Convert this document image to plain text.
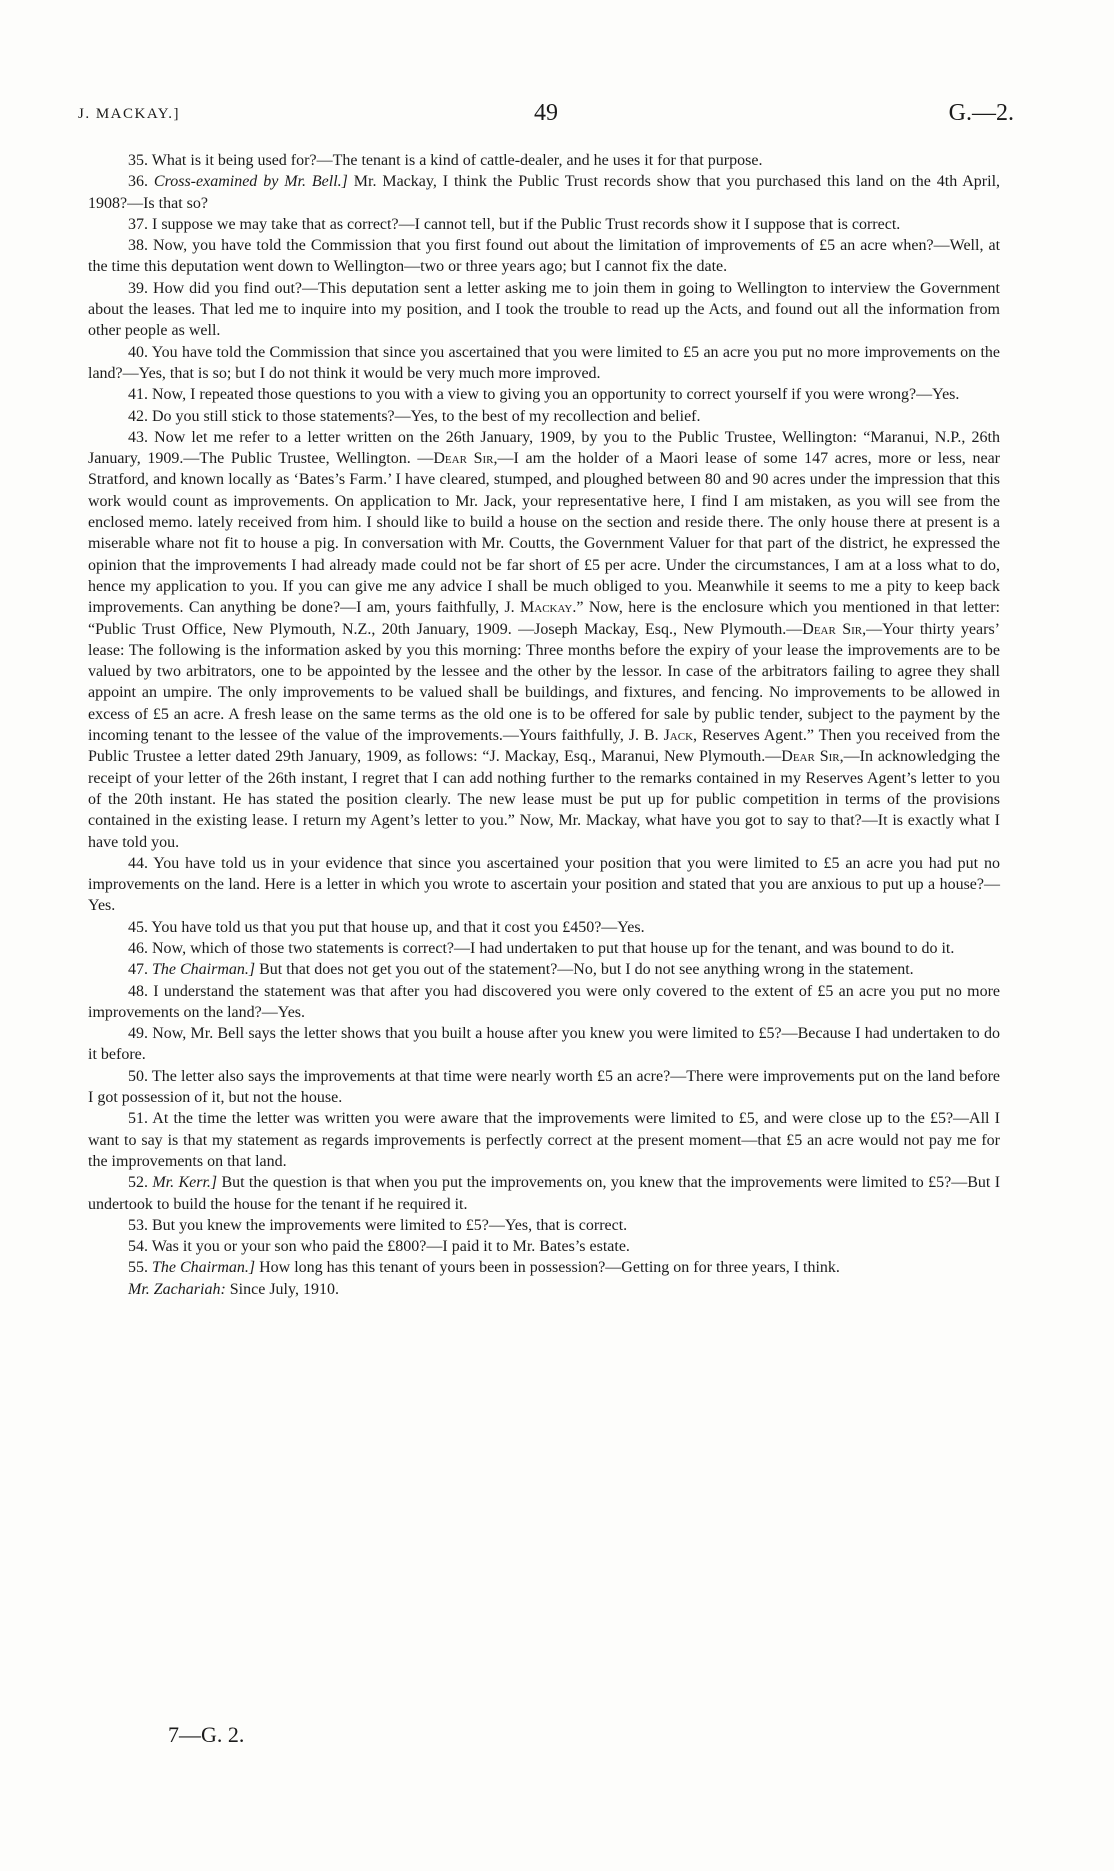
J. MACKAY.]	49	G.—2.

35. What is it being used for?—The tenant is a kind of cattle-dealer, and he uses it for that purpose.

36. Cross-examined by Mr. Bell.] Mr. Mackay, I think the Public Trust records show that you purchased this land on the 4th April, 1908?—Is that so?

37. I suppose we may take that as correct?—I cannot tell, but if the Public Trust records show it I suppose that is correct.

38. Now, you have told the Commission that you first found out about the limitation of improvements of £5 an acre when?—Well, at the time this deputation went down to Wellington—two or three years ago; but I cannot fix the date.

39. How did you find out?—This deputation sent a letter asking me to join them in going to Wellington to interview the Government about the leases. That led me to inquire into my position, and I took the trouble to read up the Acts, and found out all the information from other people as well.

40. You have told the Commission that since you ascertained that you were limited to £5 an acre you put no more improvements on the land?—Yes, that is so; but I do not think it would be very much more improved.

41. Now, I repeated those questions to you with a view to giving you an opportunity to correct yourself if you were wrong?—Yes.

42. Do you still stick to those statements?—Yes, to the best of my recollection and belief.

43. Now let me refer to a letter written on the 26th January, 1909, by you to the Public Trustee, Wellington: “Maranui, N.P., 26th January, 1909.—The Public Trustee, Wellington. —Dear Sir,—I am the holder of a Maori lease of some 147 acres, more or less, near Stratford, and known locally as ‘Bates’s Farm.’ I have cleared, stumped, and ploughed between 80 and 90 acres under the impression that this work would count as improvements. On application to Mr. Jack, your representative here, I find I am mistaken, as you will see from the enclosed memo. lately received from him. I should like to build a house on the section and reside there. The only house there at present is a miserable whare not fit to house a pig. In conversation with Mr. Coutts, the Government Valuer for that part of the district, he expressed the opinion that the improvements I had already made could not be far short of £5 per acre. Under the circumstances, I am at a loss what to do, hence my application to you. If you can give me any advice I shall be much obliged to you. Meanwhile it seems to me a pity to keep back improvements. Can anything be done?—I am, yours faithfully, J. Mackay.” Now, here is the enclosure which you mentioned in that letter: “Public Trust Office, New Plymouth, N.Z., 20th January, 1909. —Joseph Mackay, Esq., New Plymouth.—Dear Sir,—Your thirty years’ lease: The following is the information asked by you this morning: Three months before the expiry of your lease the improvements are to be valued by two arbitrators, one to be appointed by the lessee and the other by the lessor. In case of the arbitrators failing to agree they shall appoint an umpire. The only improvements to be valued shall be buildings, and fixtures, and fencing. No improvements to be allowed in excess of £5 an acre. A fresh lease on the same terms as the old one is to be offered for sale by public tender, subject to the payment by the incoming tenant to the lessee of the value of the improvements.—Yours faithfully, J. B. Jack, Reserves Agent.” Then you received from the Public Trustee a letter dated 29th January, 1909, as follows: “J. Mackay, Esq., Maranui, New Plymouth.—Dear Sir,—In acknowledging the receipt of your letter of the 26th instant, I regret that I can add nothing further to the remarks contained in my Reserves Agent’s letter to you of the 20th instant. He has stated the position clearly. The new lease must be put up for public competition in terms of the provisions contained in the existing lease. I return my Agent’s letter to you.” Now, Mr. Mackay, what have you got to say to that?—It is exactly what I have told you.

44. You have told us in your evidence that since you ascertained your position that you were limited to £5 an acre you had put no improvements on the land. Here is a letter in which you wrote to ascertain your position and stated that you are anxious to put up a house?—Yes.

45. You have told us that you put that house up, and that it cost you £450?—Yes.

46. Now, which of those two statements is correct?—I had undertaken to put that house up for the tenant, and was bound to do it.

47. The Chairman.] But that does not get you out of the statement?—No, but I do not see anything wrong in the statement.

48. I understand the statement was that after you had discovered you were only covered to the extent of £5 an acre you put no more improvements on the land?—Yes.

49. Now, Mr. Bell says the letter shows that you built a house after you knew you were limited to £5?—Because I had undertaken to do it before.

50. The letter also says the improvements at that time were nearly worth £5 an acre?—There were improvements put on the land before I got possession of it, but not the house.

51. At the time the letter was written you were aware that the improvements were limited to £5, and were close up to the £5?—All I want to say is that my statement as regards improvements is perfectly correct at the present moment—that £5 an acre would not pay me for the improvements on that land.

52. Mr. Kerr.] But the question is that when you put the improvements on, you knew that the improvements were limited to £5?—But I undertook to build the house for the tenant if he required it.

53. But you knew the improvements were limited to £5?—Yes, that is correct.

54. Was it you or your son who paid the £800?—I paid it to Mr. Bates’s estate.

55. The Chairman.] How long has this tenant of yours been in possession?—Getting on for three years, I think.

Mr. Zachariah: Since July, 1910.
7—G. 2.
